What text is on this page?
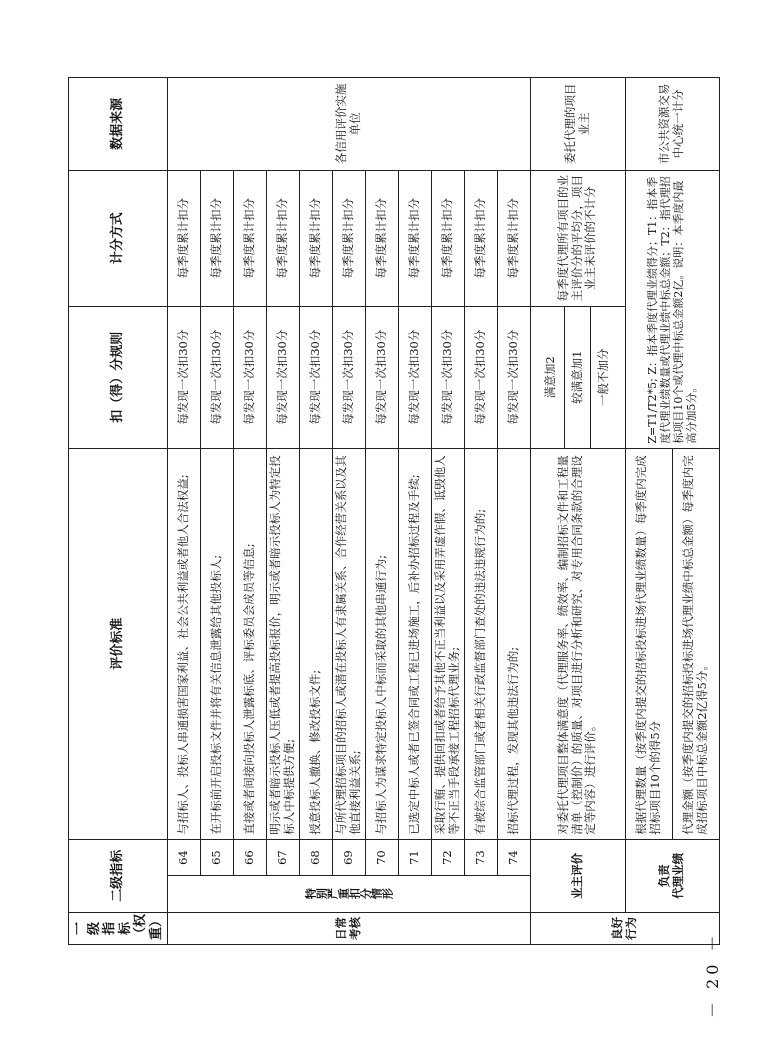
－ 20 －
一级指标（权重）	二级指标		评价标准	扣（得）分规则	计分方式	数据来源
日常考核	特别严重扣分情形	64	与招标人、投标人串通损害国家利益、社会公共利益或者他人合法权益;	每发现一次扣30分	每季度累计扣分	各信用评价实施单位
		65	在开标前开启投标文件并将有关信息泄露给其他投标人;	每发现一次扣30分	每季度累计扣分	
		66	直接或者间接向投标人泄露标底、评标委员会成员等信息;	每发现一次扣30分	每季度累计扣分	
		67	明示或者暗示投标人压低或者提高投标报价，明示或者暗示投标人为特定投标人中标提供方便;	每发现一次扣30分	每季度累计扣分	
		68	授意投标人撤换、修改投标文件;	每发现一次扣30分	每季度累计扣分	
		69	与所代理招标项目的招标人或潜在投标人有隶属关系、合作经营关系以及其他直接利益关系;	每发现一次扣30分	每季度累计扣分	
		70	与招标人为谋求特定投标人中标而采取的其他串通行为;	每发现一次扣30分	每季度累计扣分	
		71	已选定中标人或者已签合同或工程已进场施工，后补办招标过程及手续;	每发现一次扣30分	每季度累计扣分	
		72	采取行贿、提供回扣或者给予其他不正当利益以及采用弄虚作假、诋毁他人等不正当手段承接工程招标代理业务;	每发现一次扣30分	每季度累计扣分	
		73	有被综合监管部门或者相关行政监督部门查处的违法违规行为的;	每发现一次扣30分	每季度累计扣分	
		74	招标代理过程，发现其他违法行为的;	每发现一次扣30分	每季度累计扣分	
良好行为	业主评价		对委托代理项目整体满意度（代理服务率、绩效率、编制招标文件和工程量清单（控制价）的质量、对项目进行分析和研究、对专用合同条款的合理设定等内容）进行评价。	满意加2 较满意加1 一般不加分	每季度代理所有项目的业主评价分的平均分，项目业主未评价的不计分	委托代理的项目业主

	负责 代理业绩		根据代理数量（按季度内提交的招标投标进场代理业绩数量）每季度内完成招标项目10个的得5分	Z=T1/T2*5; Z：指本季度代理业绩得分；T1：指本季度代理业绩数量或代理业绩中标总金额；T2：指代理招标项目10个或代理中标总金额2亿。说明：本季度内最高分加5分。		市公共资源交易中心统一计分
			代理金额（按季度内提交的招标投标进场代理业绩中标总金额）每季度内完成招标项目中标总金额2亿得5分。			
